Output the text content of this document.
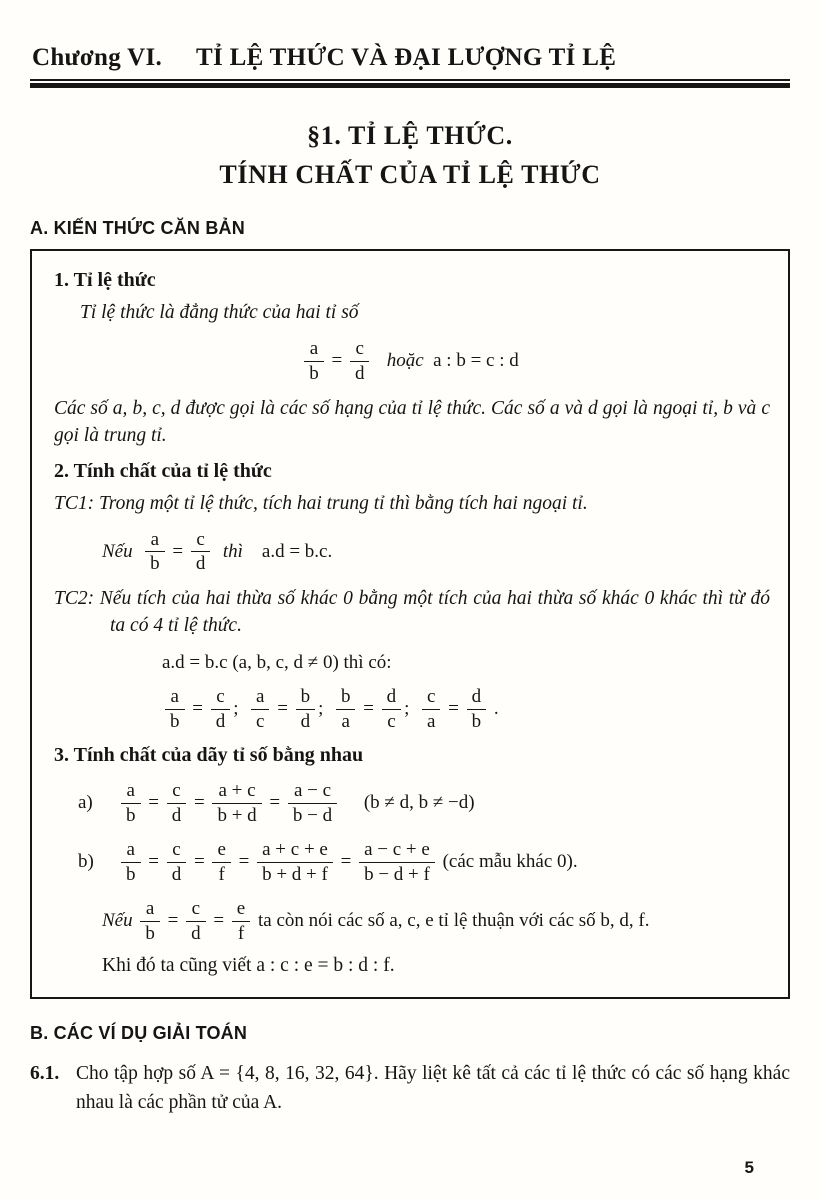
Chương VI. TỈ LỆ THỨC VÀ ĐẠI LƯỢNG TỈ LỆ
§1. TỈ LỆ THỨC.
TÍNH CHẤT CỦA TỈ LỆ THỨC
A. KIẾN THỨC CĂN BẢN
1. Tỉ lệ thức
Tỉ lệ thức là đẳng thức của hai tỉ số
$\frac{a}{b} = \frac{c}{d}$ hoặc  a : b = c : d
Các số a, b, c, d được gọi là các số hạng của tỉ lệ thức. Các số a và d gọi là ngoại tỉ, b và c gọi là trung tỉ.
2. Tính chất của tỉ lệ thức
TC1: Trong một tỉ lệ thức, tích hai trung tỉ thì bằng tích hai ngoại tỉ.
Nếu $\frac{a}{b} = \frac{c}{d}$ thì    a.d = b.c.
TC2: Nếu tích của hai thừa số khác 0 bằng một tích của hai thừa số khác 0 khác thì từ đó ta có 4 tỉ lệ thức.
a.d = b.c (a, b, c, d ≠ 0) thì có:
$\frac{a}{b} = \frac{c}{d}$ ; $\frac{a}{c} = \frac{b}{d}$ ; $\frac{b}{a} = \frac{d}{c}$ ; $\frac{c}{a} = \frac{d}{b}$ .
3. Tính chất của dãy tỉ số bằng nhau
a)	$\frac{a}{b} = \frac{c}{d} = \frac{a + c}{b + d} = \frac{a - c}{b - d} (b \ne d$, b ≠ −d)
b)	$\frac{a}{b} = \frac{c}{d} = \frac{e}{f} = \frac{a + c + e}{b + d + f} = \frac{a - c + e}{b - d + f}$ (các mẫu khác 0).
Nếu $\frac{a}{b} = \frac{c}{d} = \frac{e}{f}$ ta còn nói các số a, c, e tỉ lệ thuận với các số b, d, f.
Khi đó ta cũng viết a : c : e = b : d : f.
B. CÁC VÍ DỤ GIẢI TOÁN
6.1. Cho tập hợp số A = {4, 8, 16, 32, 64}. Hãy liệt kê tất cả các tỉ lệ thức có các số hạng khác nhau là các phần tử của A.
5
